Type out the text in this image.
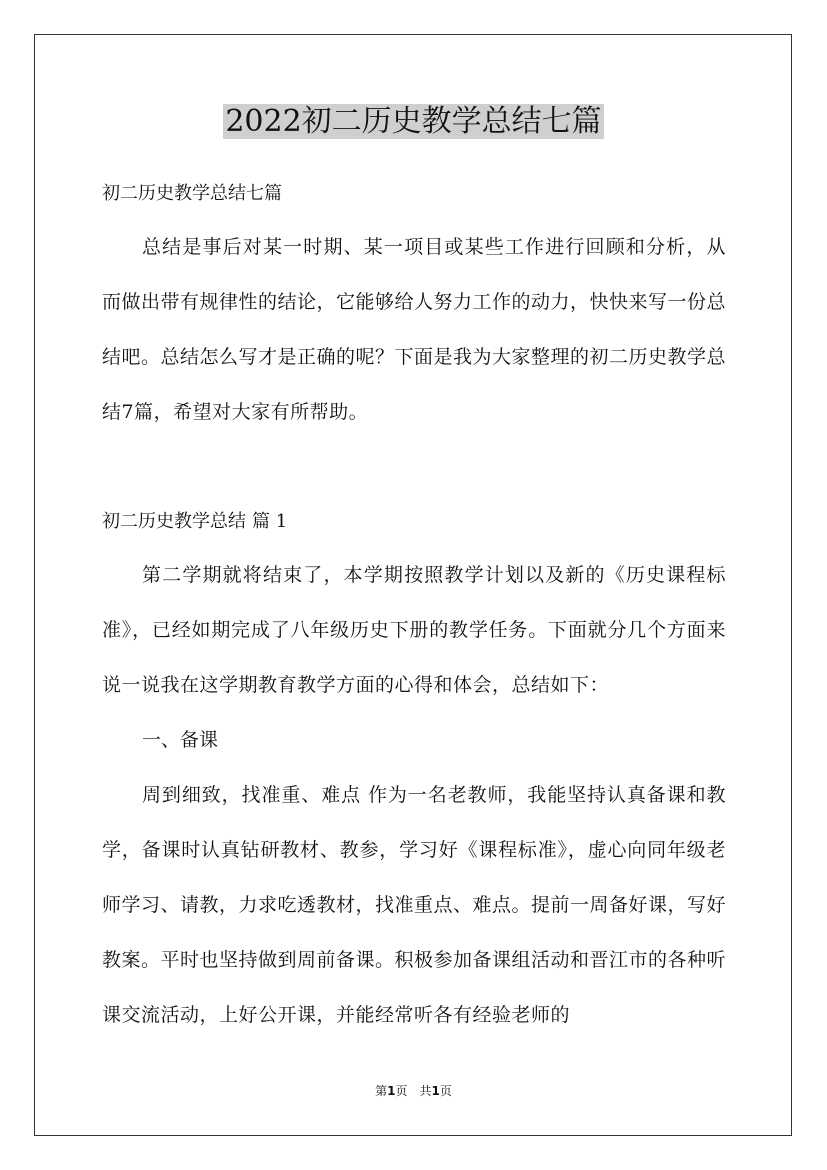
2022初二历史教学总结七篇

初二历史教学总结七篇

总结是事后对某一时期、某一项目或某些工作进行回顾和分析，从而做出带有规律性的结论，它能够给人努力工作的动力，快快来写一份总结吧。总结怎么写才是正确的呢？下面是我为大家整理的初二历史教学总结7篇，希望对大家有所帮助。

初二历史教学总结 篇 1

第二学期就将结束了，本学期按照教学计划以及新的《历史课程标准》，已经如期完成了八年级历史下册的教学任务。下面就分几个方面来说一说我在这学期教育教学方面的心得和体会，总结如下：

一、备课

周到细致，找准重、难点 作为一名老教师，我能坚持认真备课和教学，备课时认真钻研教材、教参，学习好《课程标准》，虚心向同年级老师学习、请教，力求吃透教材，找准重点、难点。提前一周备好课，写好教案。平时也坚持做到周前备课。积极参加备课组活动和晋江市的各种听课交流活动，上好公开课，并能经常听各有经验老师的

第1页　共1页
